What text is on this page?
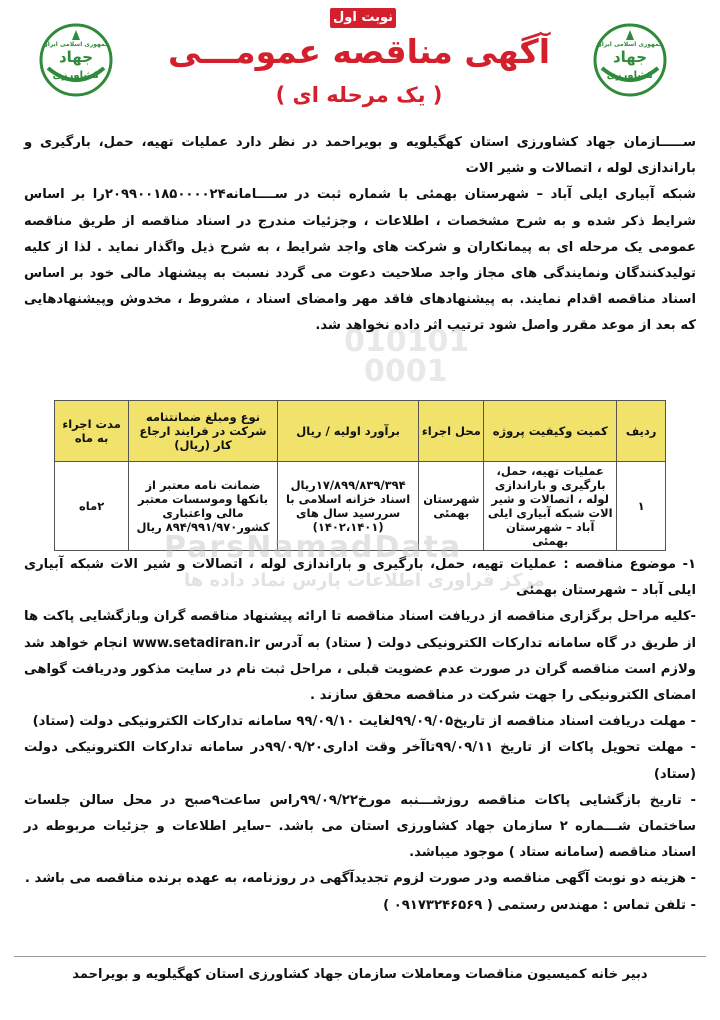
جمهوری اسلامی ایران
جهاد
کشاورزی
نوبت اول
آگهی مناقصه عمومـــی
( یک مرحله ای )
جمهوری اسلامی ایران
جهاد
کشاورزی
010101
0001

ســـــازمان جهاد کشاورزی استان کهگیلویه و بویراحمد در نظر دارد عملیات تهیه، حمل، بارگیری و باراندازی لوله ، اتصالات و شیر الات

شبکه آبیاری ایلی آباد – شهرستان بهمئی با شماره ثبت در ســــامانه۲۰۹۹۰۰۱۸۵۰۰۰۰۲۴را بر اساس شرایط ذکر شده و به شرح مشخصات ، اطلاعات ، وجزئیات مندرج در اسناد مناقصه از طریق مناقصه عمومی یک مرحله ای به پیمانکاران و شرکت های واجد شرایط ، به شرح ذیل واگذار نماید . لذا از کلیه تولیدکنندگان ونمایندگی های مجاز واجد صلاحیت دعوت می گردد نسبت به پیشنهاد مالی خود بر اساس اسناد مناقصه اقدام نمایند. به پیشنهادهای فاقد مهر وامضای اسناد ، مشروط ، مخدوش وپیشنهادهایی که بعد از موعد مقرر واصل شود ترتیب اثر داده نخواهد شد.

ردیف	کمیت وکیفیت پروژه	محل اجراء	برآورد اولیه / ریال	نوع ومبلغ ضمانتنامه شرکت در فرایند ارجاع کار (ریال)	مدت اجراء به ماه
۱	عملیات تهیه، حمل، بارگیری و باراندازی لوله ، اتصالات و شیر الات شبکه آبیاری ایلی آباد – شهرستان بهمئی	شهرستان بهمئی	۱۷/۸۹۹/۸۳۹/۳۹۴ریال اسناد خزانه اسلامی با سررسید سال های (۱۴۰۲،۱۴۰۱)	ضمانت نامه معتبر از بانکها وموسسات معتبر مالی واعتباری کشور۸۹۴/۹۹۱/۹۷۰ ریال	۲ماه
ParsNamadData
مرکز فراوری اطلاعات پارس نماد داده ها

۱- موضوع مناقصه : عملیات تهیه، حمل، بارگیری و باراندازی لوله ، اتصالات و شیر الات شبکه آبیاری ایلی آباد – شهرستان بهمئی

-کلیه مراحل برگزاری مناقصه از دریافت اسناد مناقصه تا ارائه پیشنهاد مناقصه گران وبازگشایی پاکت ها از طریق در گاه سامانه تدارکات الکترونیکی دولت ( ستاد) به آدرس www.setadiran.ir انجام خواهد شد ولازم است مناقصه گران در صورت عدم عضویت قبلی ، مراحل ثبت نام در سایت مذکور ودریافت گواهی امضای الکترونیکی را جهت شرکت در مناقصه محقق سازند .

- مهلت دریافت اسناد مناقصه از تاریخ۹۹/۰۹/۰۵لغایت ۹۹/۰۹/۱۰ سامانه تدارکات الکترونیکی دولت (ستاد)

- مهلت تحویل پاکات از تاریخ ۹۹/۰۹/۱۱تاآخر وقت اداری۹۹/۰۹/۲۰در سامانه تدارکات الکترونیکی دولت (ستاد)

- تاریخ بازگشایی پاکات مناقصه روزشـــنبه مورخ۹۹/۰۹/۲۲راس ساعت۹صبح در محل سالن جلسات ساختمان شـــماره ۲ سازمان جهاد کشاورزی استان می باشد. –سایر اطلاعات و جزئیات مربوطه در اسناد مناقصه (سامانه ستاد ) موجود میباشد.

- هزینه دو نوبت آگهی مناقصه ودر صورت لزوم تجدیدآگهی در روزنامه، به عهده برنده مناقصه می باشد .

- تلفن تماس : مهندس رستمی ( ۰۹۱۷۳۲۴۶۵۶۹ )

دبیر خانه کمیسیون مناقصات ومعاملات سازمان جهاد کشاورزی استان کهگیلویه و بویراحمد
